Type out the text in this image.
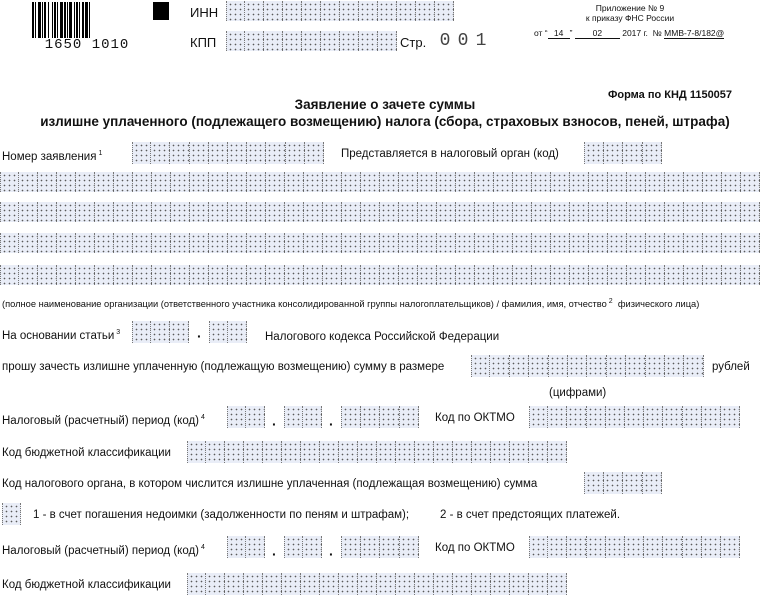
1650 1010
ИНН
КПП	Стр. 0 0 1
Приложение № 9
к приказу ФНС России
от “ 14 ” 02 2017 г. № ММВ-7-8/182@
Форма по КНД 1150057
Заявление о зачете суммы
излишне уплаченного (подлежащего возмещению) налога (сбора, страховых взносов, пеней, штрафа)
Номер заявления $^1$	Представляется в налоговый орган (код)
(полное наименование организации (ответственного участника консолидированной группы налогоплательщиков) / фамилия, имя, отчество $^2$ физического лица)
На основании статьи $^3$	·	Налогового кодекса Российской Федерации
прошу зачесть излишне уплаченную (подлежащую возмещению) сумму в размере	рублей
(цифрами)
Налоговый (расчетный) период (код) $^4$	·	·	Код по ОКТМО
Код бюджетной классификации
Код налогового органа, в котором числится излишне уплаченная (подлежащая возмещению) сумма
1 - в счет погашения недоимки (задолженности по пеням и штрафам);	2 - в счет предстоящих платежей.
Налоговый (расчетный) период (код) $^4$	·	·	Код по ОКТМО
Код бюджетной классификации
